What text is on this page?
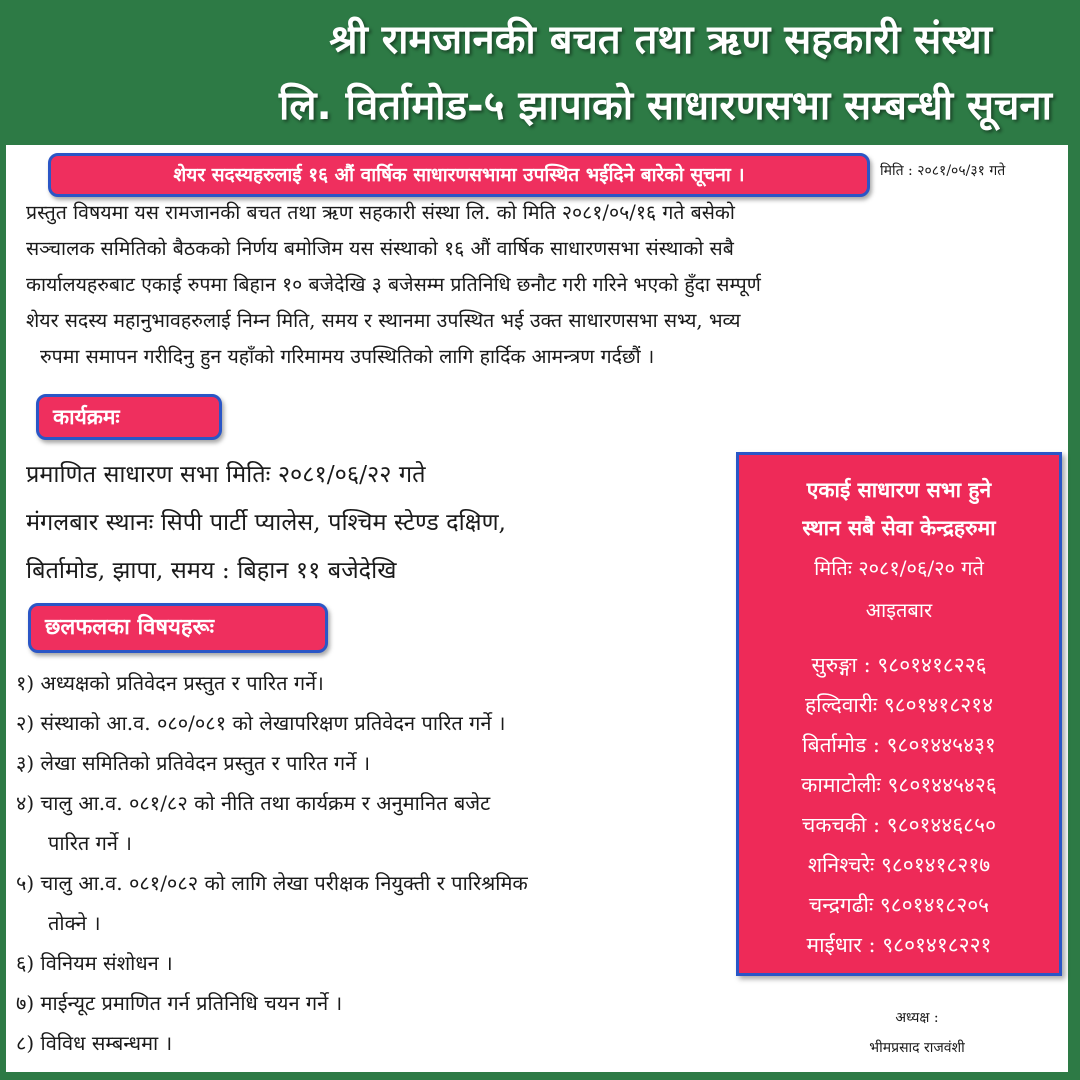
श्री रामजानकी बचत तथा ऋण सहकारी संस्था
लि. विर्तामोड-५ झापाको साधारणसभा सम्बन्धी सूचना
शेयर सदस्यहरुलाई १६ औं वार्षिक साधारणसभामा उपस्थित भईदिने बारेको सूचना ।	मिति : २०८१/०५/३१ गते
प्रस्तुत विषयमा यस रामजानकी बचत तथा ऋण सहकारी संस्था लि. को मिति २०८१/०५/१६ गते बसेको
सञ्चालक समितिको बैठकको निर्णय बमोजिम यस संस्थाको १६ औं वार्षिक साधारणसभा संस्थाको सबै
कार्यालयहरुबाट एकाई रुपमा बिहान १० बजेदेखि ३ बजेसम्म प्रतिनिधि छनौट गरी गरिने भएको हुँदा सम्पूर्ण
शेयर सदस्य महानुभावहरुलाई निम्न मिति, समय र स्थानमा उपस्थित भई उक्त साधारणसभा सभ्य, भव्य
रुपमा समापन गरीदिनु हुन यहाँको गरिमामय उपस्थितिको लागि हार्दिक आमन्त्रण गर्दछौं ।
कार्यक्रमः
प्रमाणित साधारण सभा मितिः २०८१/०६/२२ गते
मंगलबार स्थानः सिपी पार्टी प्यालेस, पश्चिम स्टेण्ड दक्षिण,
बिर्तामोड, झापा, समय : बिहान ११ बजेदेखि
छलफलका विषयहरूः
१) अध्यक्षको प्रतिवेदन प्रस्तुत र पारित गर्ने।
२) संस्थाको आ.व. ०८०/०८१ को लेखापरिक्षण प्रतिवेदन पारित गर्ने ।
३) लेखा समितिको प्रतिवेदन प्रस्तुत र पारित गर्ने ।
४) चालु आ.व. ०८१/८२ को नीति तथा कार्यक्रम र अनुमानित बजेट
पारित गर्ने ।
५) चालु आ.व. ०८१/०८२ को लागि लेखा परीक्षक नियुक्ती र पारिश्रमिक
तोक्ने ।
६) विनियम संशोधन ।
७) माईन्यूट प्रमाणित गर्न प्रतिनिधि चयन गर्ने ।
८) विविध सम्बन्धमा ।
एकाई साधारण सभा हुने
स्थान सबै सेवा केन्द्रहरुमा
मितिः २०८१/०६/२० गते
आइतबार
सुरुङ्गा : ९८०१४१८२२६
हल्दिवारीः ९८०१४१८२१४
बिर्तामोड : ९८०१४४५४३१
कामाटोलीः ९८०१४४५४२६
चकचकी : ९८०१४४६८५०
शनिश्चरेः ९८०१४१८२१७
चन्द्रगढीः ९८०१४१८२०५
माईधार : ९८०१४१८२२१
अध्यक्ष :
भीमप्रसाद राजवंशी
